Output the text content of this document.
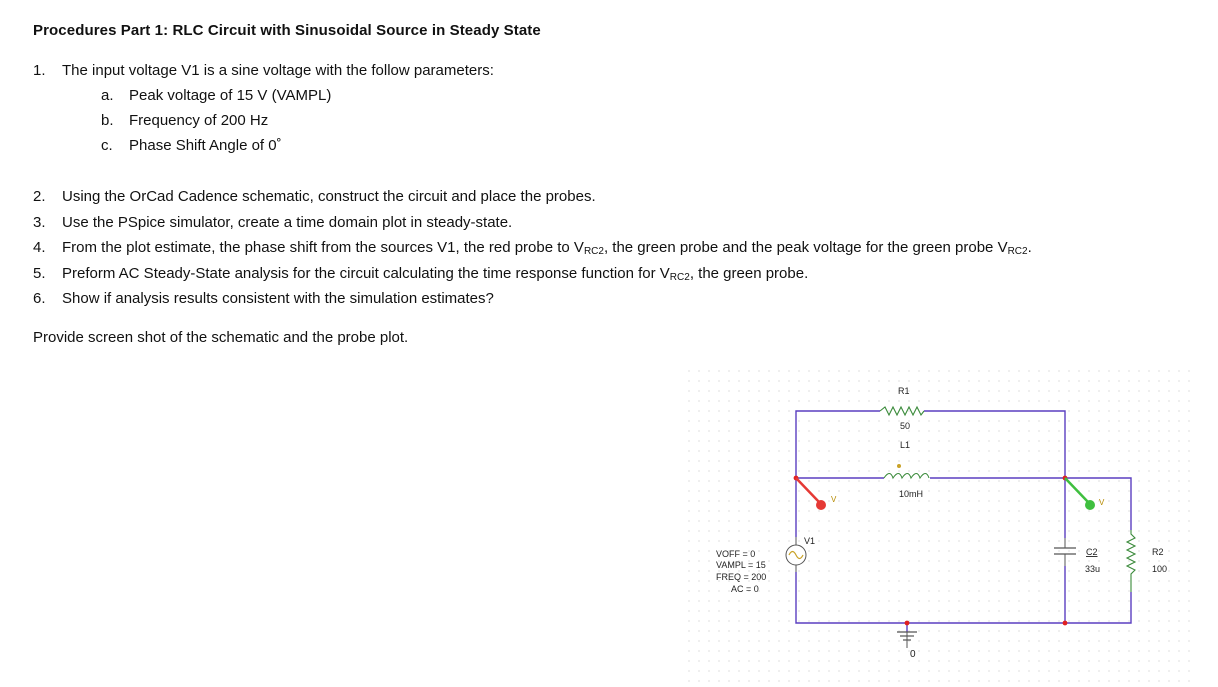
Procedures Part 1: RLC Circuit with Sinusoidal Source in Steady State
1.	The input voltage V1 is a sine voltage with the follow parameters:
a.	Peak voltage of 15 V (VAMPL)
b.	Frequency of 200 Hz
c.	Phase Shift Angle of 0˚
2.	Using the OrCad Cadence schematic, construct the circuit and place the probes.
3.	Use the PSpice simulator, create a time domain plot in steady-state.
4.	From the plot estimate, the phase shift from the sources V1, the red probe to $V_{RC2}$, the green probe and the peak voltage for the green probe $V_{RC2}$.
5.	Preform AC Steady-State analysis for the circuit calculating the time response function for $V_{RC2}$, the green probe.
6.	Show if analysis results consistent with the simulation estimates?
Provide screen shot of the schematic and the probe plot.
R1
50
L1
10mH
V1
VOFF = 0
VAMPL = 15
FREQ = 200
AC = 0
V	V
C2
33u
R2
100
0
